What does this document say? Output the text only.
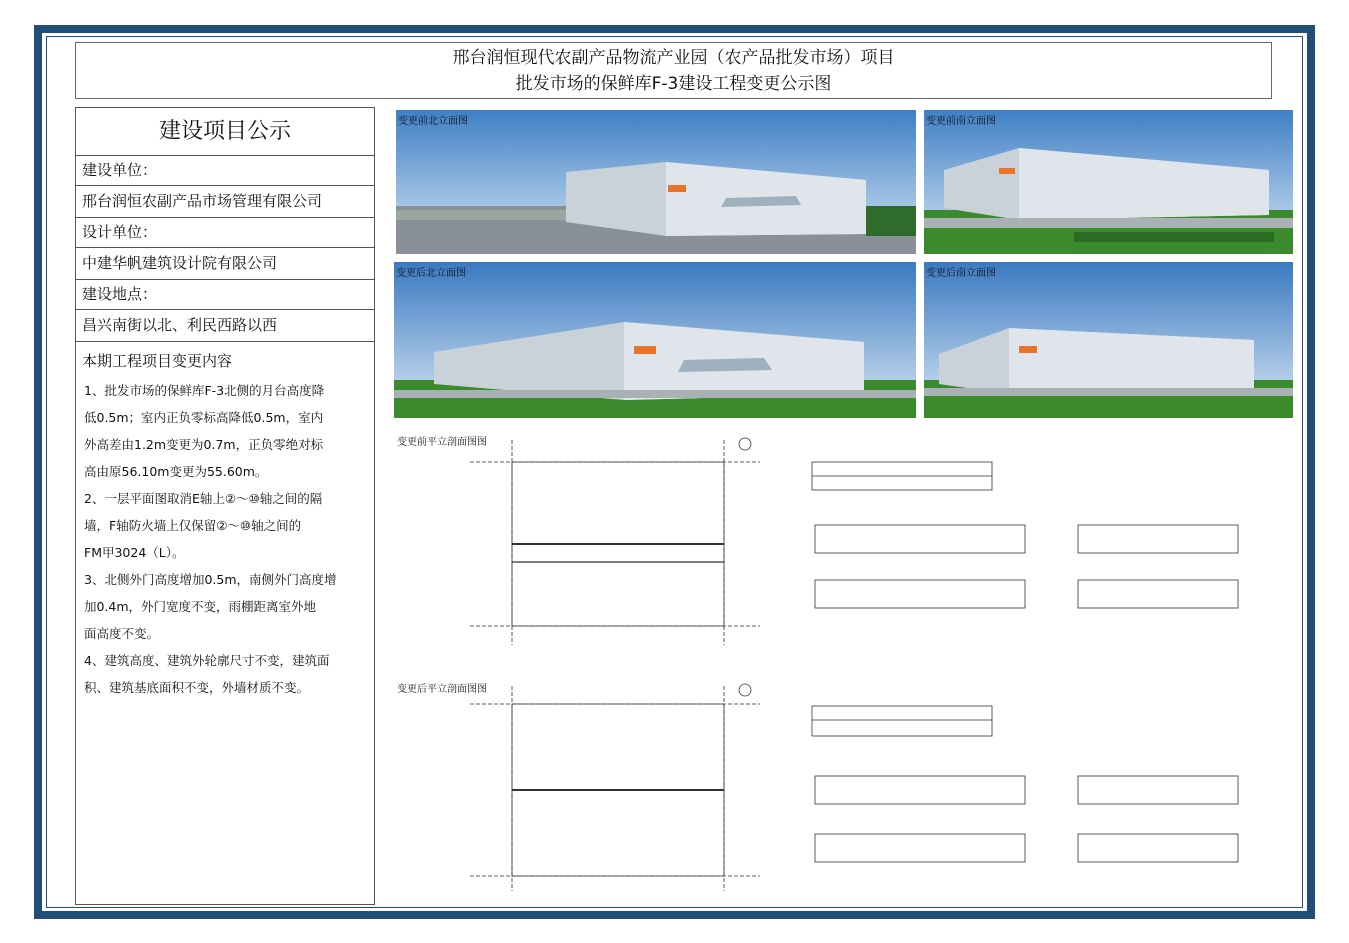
邢台润恒现代农副产品物流产业园（农产品批发市场）项目
批发市场的保鲜库F-3建设工程变更公示图
建设项目公示
建设单位：
邢台润恒农副产品市场管理有限公司
设计单位：
中建华帆建筑设计院有限公司
建设地点：
昌兴南街以北、利民西路以西
本期工程项目变更内容
1、批发市场的保鲜库F-3北侧的月台高度降
低0.5m；室内正负零标高降低0.5m，室内
外高差由1.2m变更为0.7m，正负零绝对标
高由原56.10m变更为55.60m。
2、一层平面图取消E轴上②～⑩轴之间的隔
墙，F轴防火墙上仅保留②～⑩轴之间的
FM甲3024（L）。
3、北侧外门高度增加0.5m，南侧外门高度增
加0.4m，外门宽度不变，雨棚距离室外地
面高度不变。
4、建筑高度、建筑外轮廓尺寸不变，建筑面
积、建筑基底面积不变，外墙材质不变。
变更前北立面图	变更前南立面图
变更后北立面图	变更后南立面图
变更前平立剖面图图
变更后平立剖面图图
